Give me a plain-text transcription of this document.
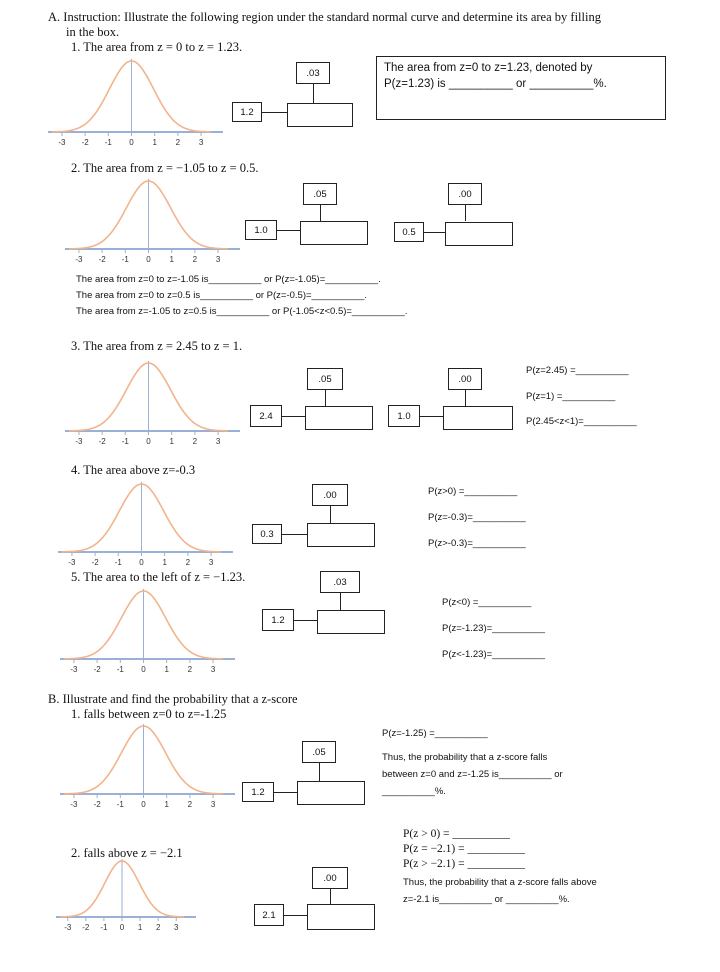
A. Instruction: Illustrate the following region under the standard normal curve and determine its area by filling
in the box.
1. The area from z = 0 to z = 1.23.
-3 -2 -1 0 1 2 3
.03
1.2
The area from z=0 to z=1.23, denoted by
P(z=1.23) is __________ or __________%.
2. The area from z = −1.05 to z = 0.5.
-3 -2 -1 0 1 2 3
.05
1.0
.00
0.5
The area from z=0 to z=-1.05 is__________ or P(z=-1.05)=__________.
The area from z=0 to z=0.5 is__________ or P(z=-0.5)=__________.
The area from z=-1.05 to z=0.5 is__________ or P(-1.05<z<0.5)=__________.
3. The area from z = 2.45 to z = 1.
-3 -2 -1 0 1 2 3
.05
2.4
.00
1.0
P(z=2.45) =__________
P(z=1) =__________
P(2.45<z<1)=__________
4. The area above z=-0.3
-3 -2 -1 0 1 2 3
.00
0.3
P(z>0) =__________
P(z=-0.3)=__________
P(z>-0.3)=__________
5. The area to the left of z = −1.23.
-3 -2 -1 0 1 2 3
.03
1.2
P(z<0) =__________
P(z=-1.23)=__________
P(z<-1.23)=__________
B. Illustrate and find the probability that a z-score
1. falls between z=0 to z=-1.25
-3 -2 -1 0 1 2 3
.05
1.2
P(z=-1.25) =__________
Thus, the probability that a z-score falls
between z=0 and z=-1.25 is__________ or
__________%.
2. falls above z = −2.1
-3 -2 -1 0 1 2 3
.00
2.1
P(z > 0) = __________
P(z = −2.1) = __________
P(z > −2.1) = __________
Thus, the probability that a z-score falls above
z=-2.1 is__________ or __________%.
